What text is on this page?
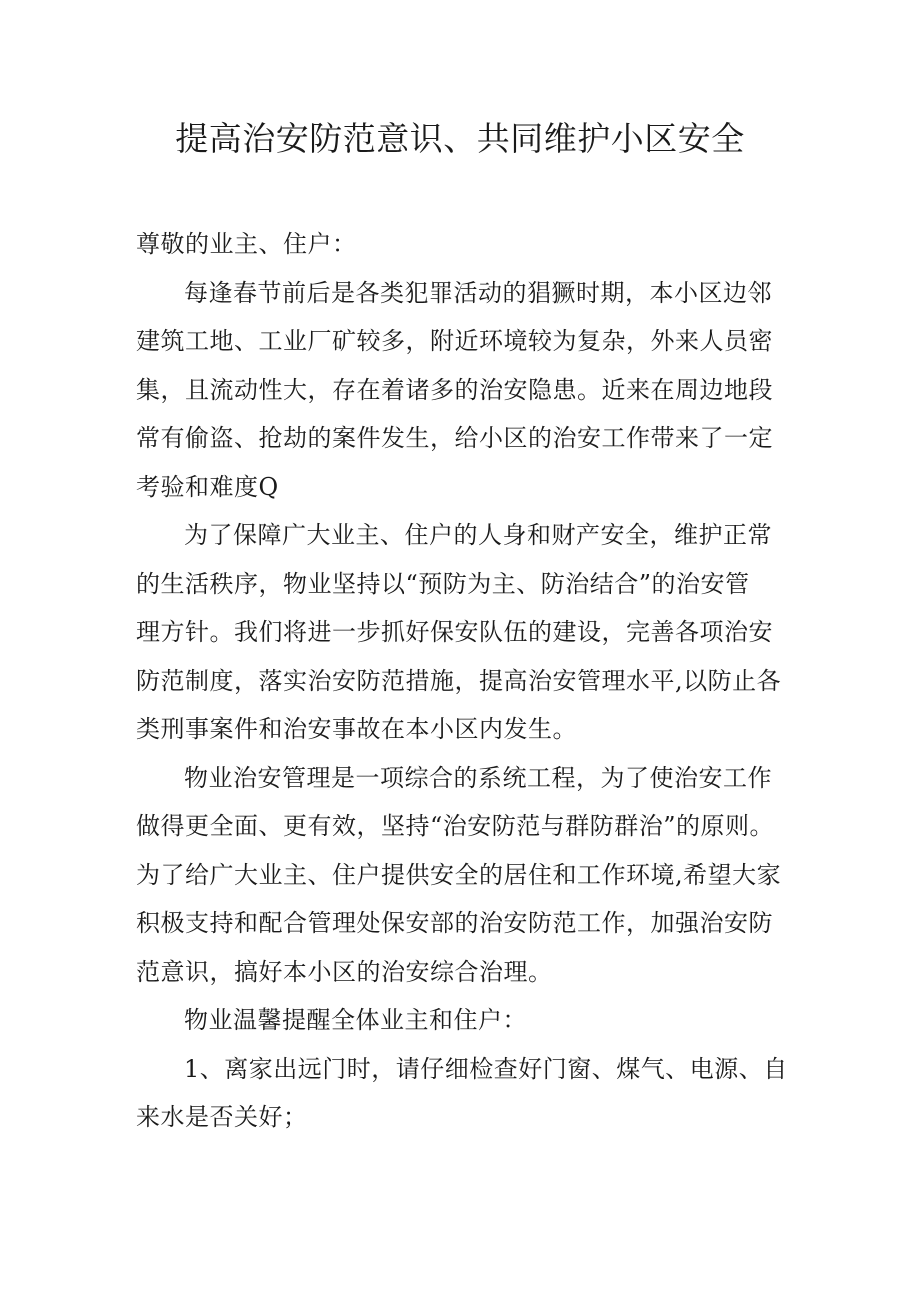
提高治安防范意识、共同维护小区安全
尊敬的业主、住户：
每逢春节前后是各类犯罪活动的猖獗时期，本小区边邻
建筑工地、工业厂矿较多，附近环境较为复杂，外来人员密
集，且流动性大，存在着诸多的治安隐患。近来在周边地段
常有偷盗、抢劫的案件发生，给小区的治安工作带来了一定
考验和难度Q
为了保障广大业主、住户的人身和财产安全，维护正常
的生活秩序，物业坚持以“预防为主、防治结合”的治安管
理方针。我们将进一步抓好保安队伍的建设，完善各项治安
防范制度，落实治安防范措施，提高治安管理水平,以防止各
类刑事案件和治安事故在本小区内发生。
物业治安管理是一项综合的系统工程，为了使治安工作
做得更全面、更有效，坚持“治安防范与群防群治”的原则。
为了给广大业主、住户提供安全的居住和工作环境,希望大家
积极支持和配合管理处保安部的治安防范工作，加强治安防
范意识，搞好本小区的治安综合治理。
物业温馨提醒全体业主和住户：
1、离家出远门时，请仔细检查好门窗、煤气、电源、自
来水是否关好；
